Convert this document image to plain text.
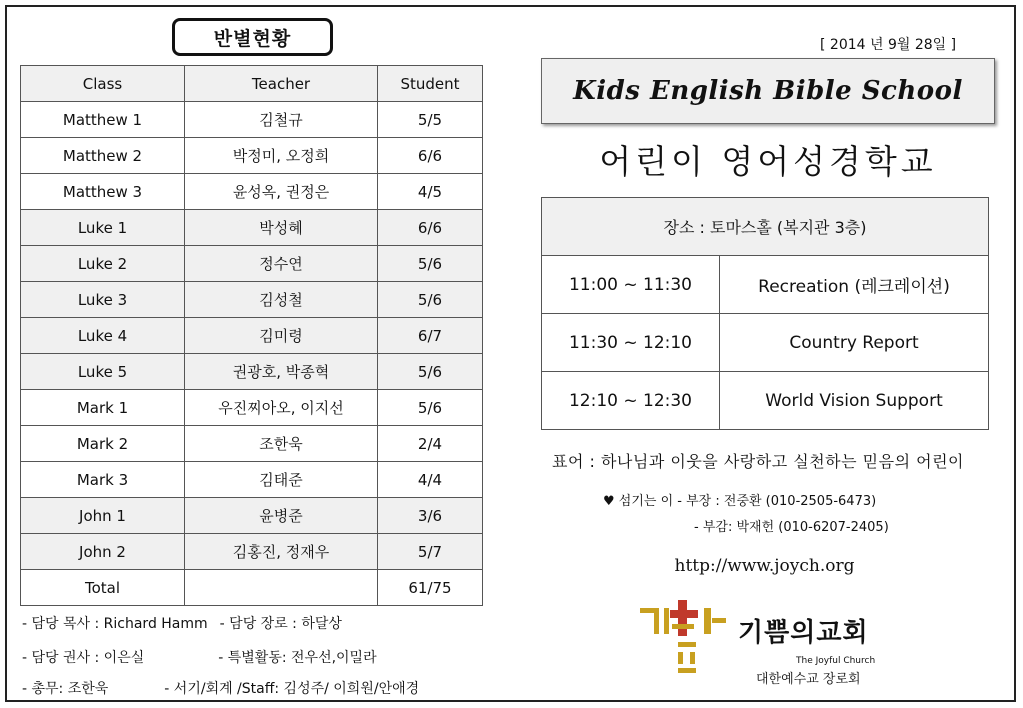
반별현황
Class	Teacher	Student
Matthew 1	김철규	5/5
Matthew 2	박정미, 오정희	6/6
Matthew 3	윤성옥, 권정은	4/5
Luke 1	박성혜	6/6
Luke 2	정수연	5/6
Luke 3	김성철	5/6
Luke 4	김미령	6/7
Luke 5	권광호, 박종혁	5/6
Mark 1	우진찌아오, 이지선	5/6
Mark 2	조한욱	2/4
Mark 3	김태준	4/4
John 1	윤병준	3/6
John 2	김홍진, 정재우	5/7
Total		61/75
- 담당 목사 : Richard Hamm - 담당 장로 : 하달상
- 담당 권사 : 이은실	- 특별활동: 전우선,이밀라
- 총무: 조한욱	- 서기/회계 /Staff: 김성주/ 이희원/안애경
[ 2014 년 9월 28일 ]
Kids English Bible School
어린이 영어성경학교
장소 : 토마스홀 (복지관 3층)	
11:00 ~ 11:30	Recreation (레크레이션)
11:30 ~ 12:10	Country Report
12:10 ~ 12:30	World Vision Support
표어 : 하나님과 이웃을 사랑하고 실천하는 믿음의 어린이
♥ 섬기는 이 - 부장 : 전중환 (010-2505-6473)
- 부감: 박재헌 (010-6207-2405)
http://www.joych.org
기쁨의교회
The Joyful Church
대한예수교 장로회
